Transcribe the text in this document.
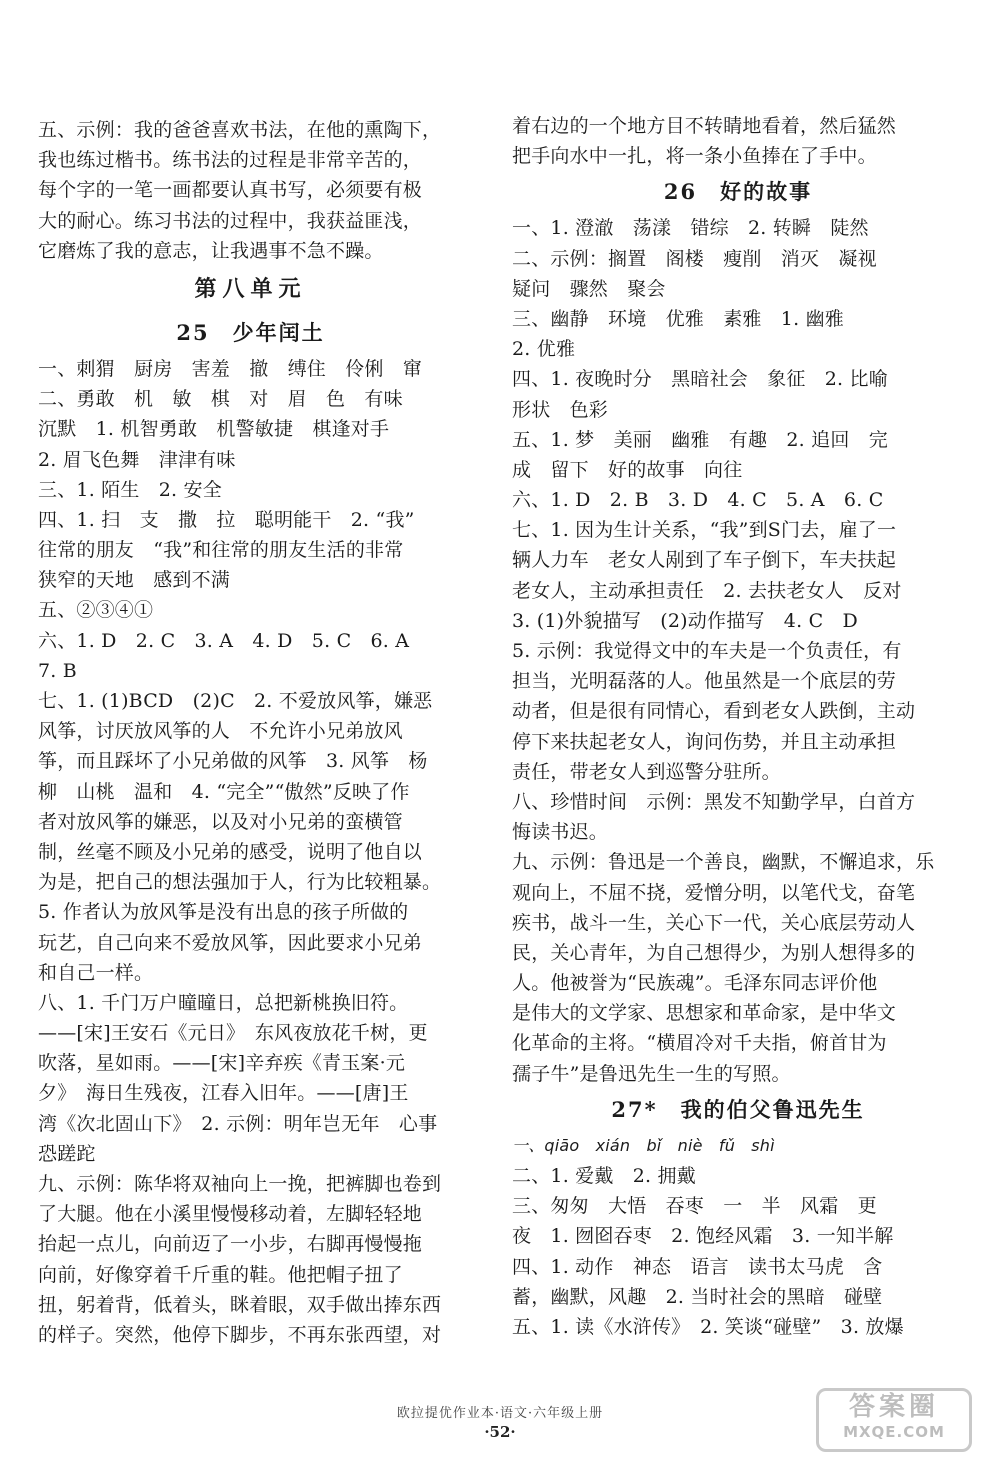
五、示例：我的爸爸喜欢书法，在他的熏陶下，
我也练过楷书。练书法的过程是非常辛苦的，
每个字的一笔一画都要认真书写，必须要有极
大的耐心。练习书法的过程中，我获益匪浅，
它磨炼了我的意志，让我遇事不急不躁。
第八单元
25　少年闰土
一、刺猬　厨房　害羞　撤　缚住　伶俐　窜
二、勇敢　机　敏　棋　对　眉　色　有味
沉默　1. 机智勇敢　机警敏捷　棋逢对手
2. 眉飞色舞　津津有味
三、1. 陌生　2. 安全
四、1. 扫　支　撒　拉　聪明能干　2. “我”
往常的朋友　“我”和往常的朋友生活的非常
狭窄的天地　感到不满
五、②③④①
六、1. D　2. C　3. A　4. D　5. C　6. A
7. B
七、1. (1)BCD　(2)C　2. 不爱放风筝，嫌恶
风筝，讨厌放风筝的人　不允许小兄弟放风
筝，而且踩坏了小兄弟做的风筝　3. 风筝　杨
柳　山桃　温和　4. “完全”“傲然”反映了作
者对放风筝的嫌恶，以及对小兄弟的蛮横管
制，丝毫不顾及小兄弟的感受，说明了他自以
为是，把自己的想法强加于人，行为比较粗暴。
5. 作者认为放风筝是没有出息的孩子所做的
玩艺，自己向来不爱放风筝，因此要求小兄弟
和自己一样。
八、1. 千门万户曈曈日，总把新桃换旧符。
——[宋]王安石《元日》　东风夜放花千树，更
吹落，星如雨。——[宋]辛弃疾《青玉案·元
夕》　海日生残夜，江春入旧年。——[唐]王
湾《次北固山下》　2. 示例：明年岂无年　心事
恐蹉跎
九、示例：陈华将双袖向上一挽，把裤脚也卷到
了大腿。他在小溪里慢慢移动着，左脚轻轻地
抬起一点儿，向前迈了一小步，右脚再慢慢拖
向前，好像穿着千斤重的鞋。他把帽子扭了
扭，躬着背，低着头，眯着眼，双手做出捧东西
的样子。突然，他停下脚步，不再东张西望，对
着右边的一个地方目不转睛地看着，然后猛然
把手向水中一扎，将一条小鱼捧在了手中。
26　好的故事
一、1. 澄澈　荡漾　错综　2. 转瞬　陡然
二、示例：搁置　阁楼　瘦削　消灭　凝视
疑问　骤然　聚会
三、幽静　环境　优雅　素雅　1. 幽雅
2. 优雅
四、1. 夜晚时分　黑暗社会　象征　2. 比喻
形状　色彩
五、1. 梦　美丽　幽雅　有趣　2. 追回　完
成　留下　好的故事　向往
六、1. D　2. B　3. D　4. C　5. A　6. C
七、1. 因为生计关系，“我”到S门去，雇了一
辆人力车　老女人剐到了车子倒下，车夫扶起
老女人，主动承担责任　2. 去扶老女人　反对
3. (1)外貌描写　(2)动作描写　4. C　D
5. 示例：我觉得文中的车夫是一个负责任，有
担当，光明磊落的人。他虽然是一个底层的劳
动者，但是很有同情心，看到老女人跌倒，主动
停下来扶起老女人，询问伤势，并且主动承担
责任，带老女人到巡警分驻所。
八、珍惜时间　示例：黑发不知勤学早，白首方
悔读书迟。
九、示例：鲁迅是一个善良，幽默，不懈追求，乐
观向上，不屈不挠，爱憎分明，以笔代戈，奋笔
疾书，战斗一生，关心下一代，关心底层劳动人
民，关心青年，为自己想得少，为别人想得多的
人。他被誉为“民族魂”。毛泽东同志评价他
是伟大的文学家、思想家和革命家，是中华文
化革命的主将。“横眉冷对千夫指，俯首甘为
孺子牛”是鲁迅先生一生的写照。
27*　我的伯父鲁迅先生
一、qiāo　xián　bǐ　niè　fǔ　shì
二、1. 爱戴　2. 拥戴
三、匆匆　大悟　吞枣　一　半　风霜　更
夜　1. 囫囵吞枣　2. 饱经风霜　3. 一知半解
四、1. 动作　神态　语言　读书太马虎　含
蓄，幽默，风趣　2. 当时社会的黑暗　碰壁
五、1. 读《水浒传》　2. 笑谈“碰壁”　3. 放爆
欧拉提优作业本·语文·六年级上册
·52·
答案圈
MXQE.COM
